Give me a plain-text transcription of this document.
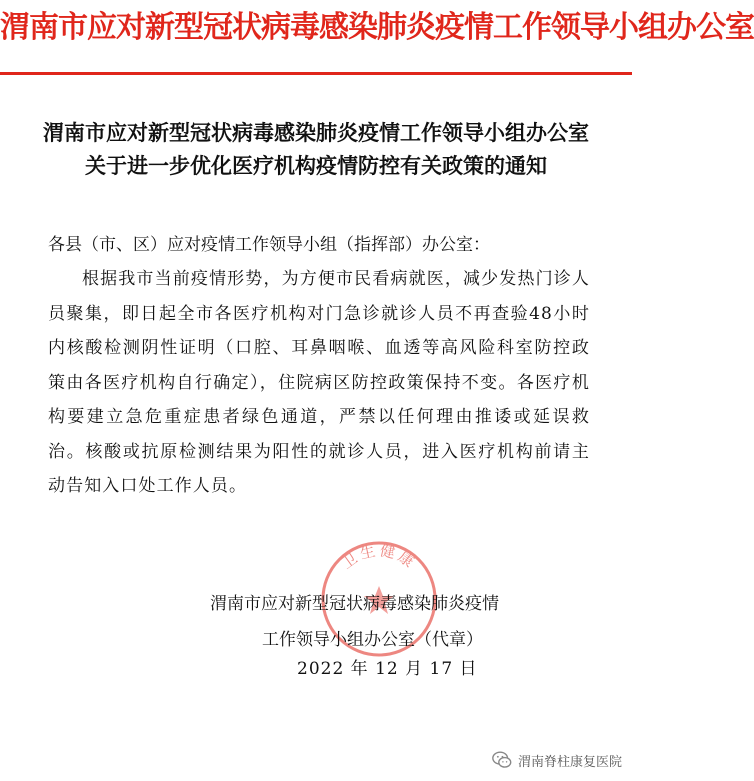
渭南市应对新型冠状病毒感染肺炎疫情工作领导小组办公室
渭南市应对新型冠状病毒感染肺炎疫情工作领导小组办公室
关于进一步优化医疗机构疫情防控有关政策的通知
各县（市、区）应对疫情工作领导小组（指挥部）办公室：
根据我市当前疫情形势，为方便市民看病就医，减少发热门诊人员聚集，即日起全市各医疗机构对门急诊就诊人员不再查验48小时内核酸检测阴性证明（口腔、耳鼻咽喉、血透等高风险科室防控政策由各医疗机构自行确定），住院病区防控政策保持不变。各医疗机构要建立急危重症患者绿色通道，严禁以任何理由推诿或延误救治。核酸或抗原检测结果为阳性的就诊人员，进入医疗机构前请主动告知入口处工作人员。
卫生健康
渭南市应对新型冠状病毒感染肺炎疫情
工作领导小组办公室（代章）
2022 年 12 月 17 日
渭南脊柱康复医院
